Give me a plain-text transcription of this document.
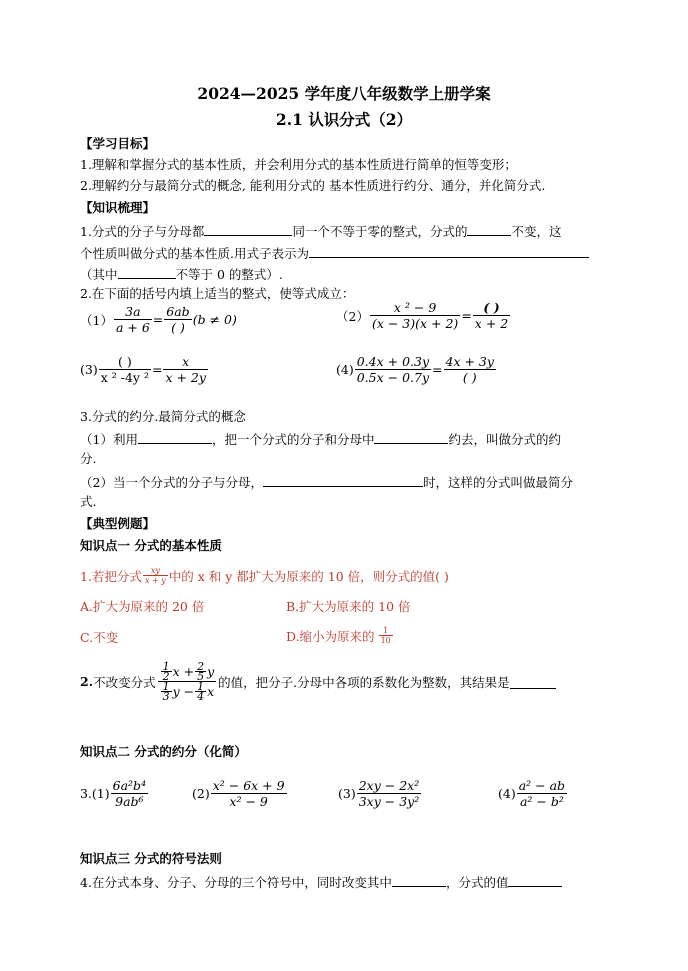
2024—2025 学年度八年级数学上册学案
2.1 认识分式（2）
【学习目标】
1.理解和掌握分式的基本性质，并会利用分式的基本性质进行简单的恒等变形；
2.理解约分与最简分式的概念, 能利用分式的 基本性质进行约分、通分，并化简分式.
【知识梳理】
1.分式的分子与分母都	同一个不等于零的整式，分式的	不变，这
个性质叫做分式的基本性质.用式子表示为
（其中	不等于 0 的整式）.
2.在下面的括号内填上适当的整式，使等式成立：
$(1) \frac{3a}{a + 6} = \frac{6ab}{( )} (b \ne 0)$	$(2) \frac{\text{x ² − 9}}{(x - 3)(x + 2)} = \frac{( )}{x + 2}$
$(3) \frac{( )}{\text{x ² -4y ²}} = \frac{x}{x + 2y}$	$(4) \frac{0.4x + 0.3y}{0.5x - 0.7y} = \frac{4x + 3y}{( )}$
3.分式的约分.最简分式的概念
（1）利用	，把一个分式的分子和分母中	约去，叫做分式的约
分.
（2）当一个分式的分子与分母，	时，这样的分式叫做最简分
式.
【典型例题】
知识点一 分式的基本性质
1.若把分式 $\frac{xy}{x + y}$ 中的 x 和 y 都扩大为原来的 10 倍，则分式的值( )
A.扩大为原来的 20 倍	B.扩大为原来的 10 倍
C.不变	D.缩小为原来的 $\frac{1}{10}$
2. 不改变分式 $\frac{\frac{1}{2} x + \frac{2}{5} y}{\frac{1}{3} y - \frac{1}{4} x}$ 的值，把分子.分母中各项的系数化为整数，其结果是
知识点二 分式的约分（化简）
$3.(1) \frac{\text{6a²b⁴}}{\text{9ab⁶}}$	$(2) \frac{\text{x² − 6x + 9}}{\text{x² − 9}}$	$(3) \frac{\text{2xy − 2x²}}{\text{3xy − 3y²}}$	$(4) \frac{\text{a² − ab}}{\text{a² − b²}}$
知识点三 分式的符号法则
4.在分式本身、分子、分母的三个符号中，同时改变其中	，分式的值
